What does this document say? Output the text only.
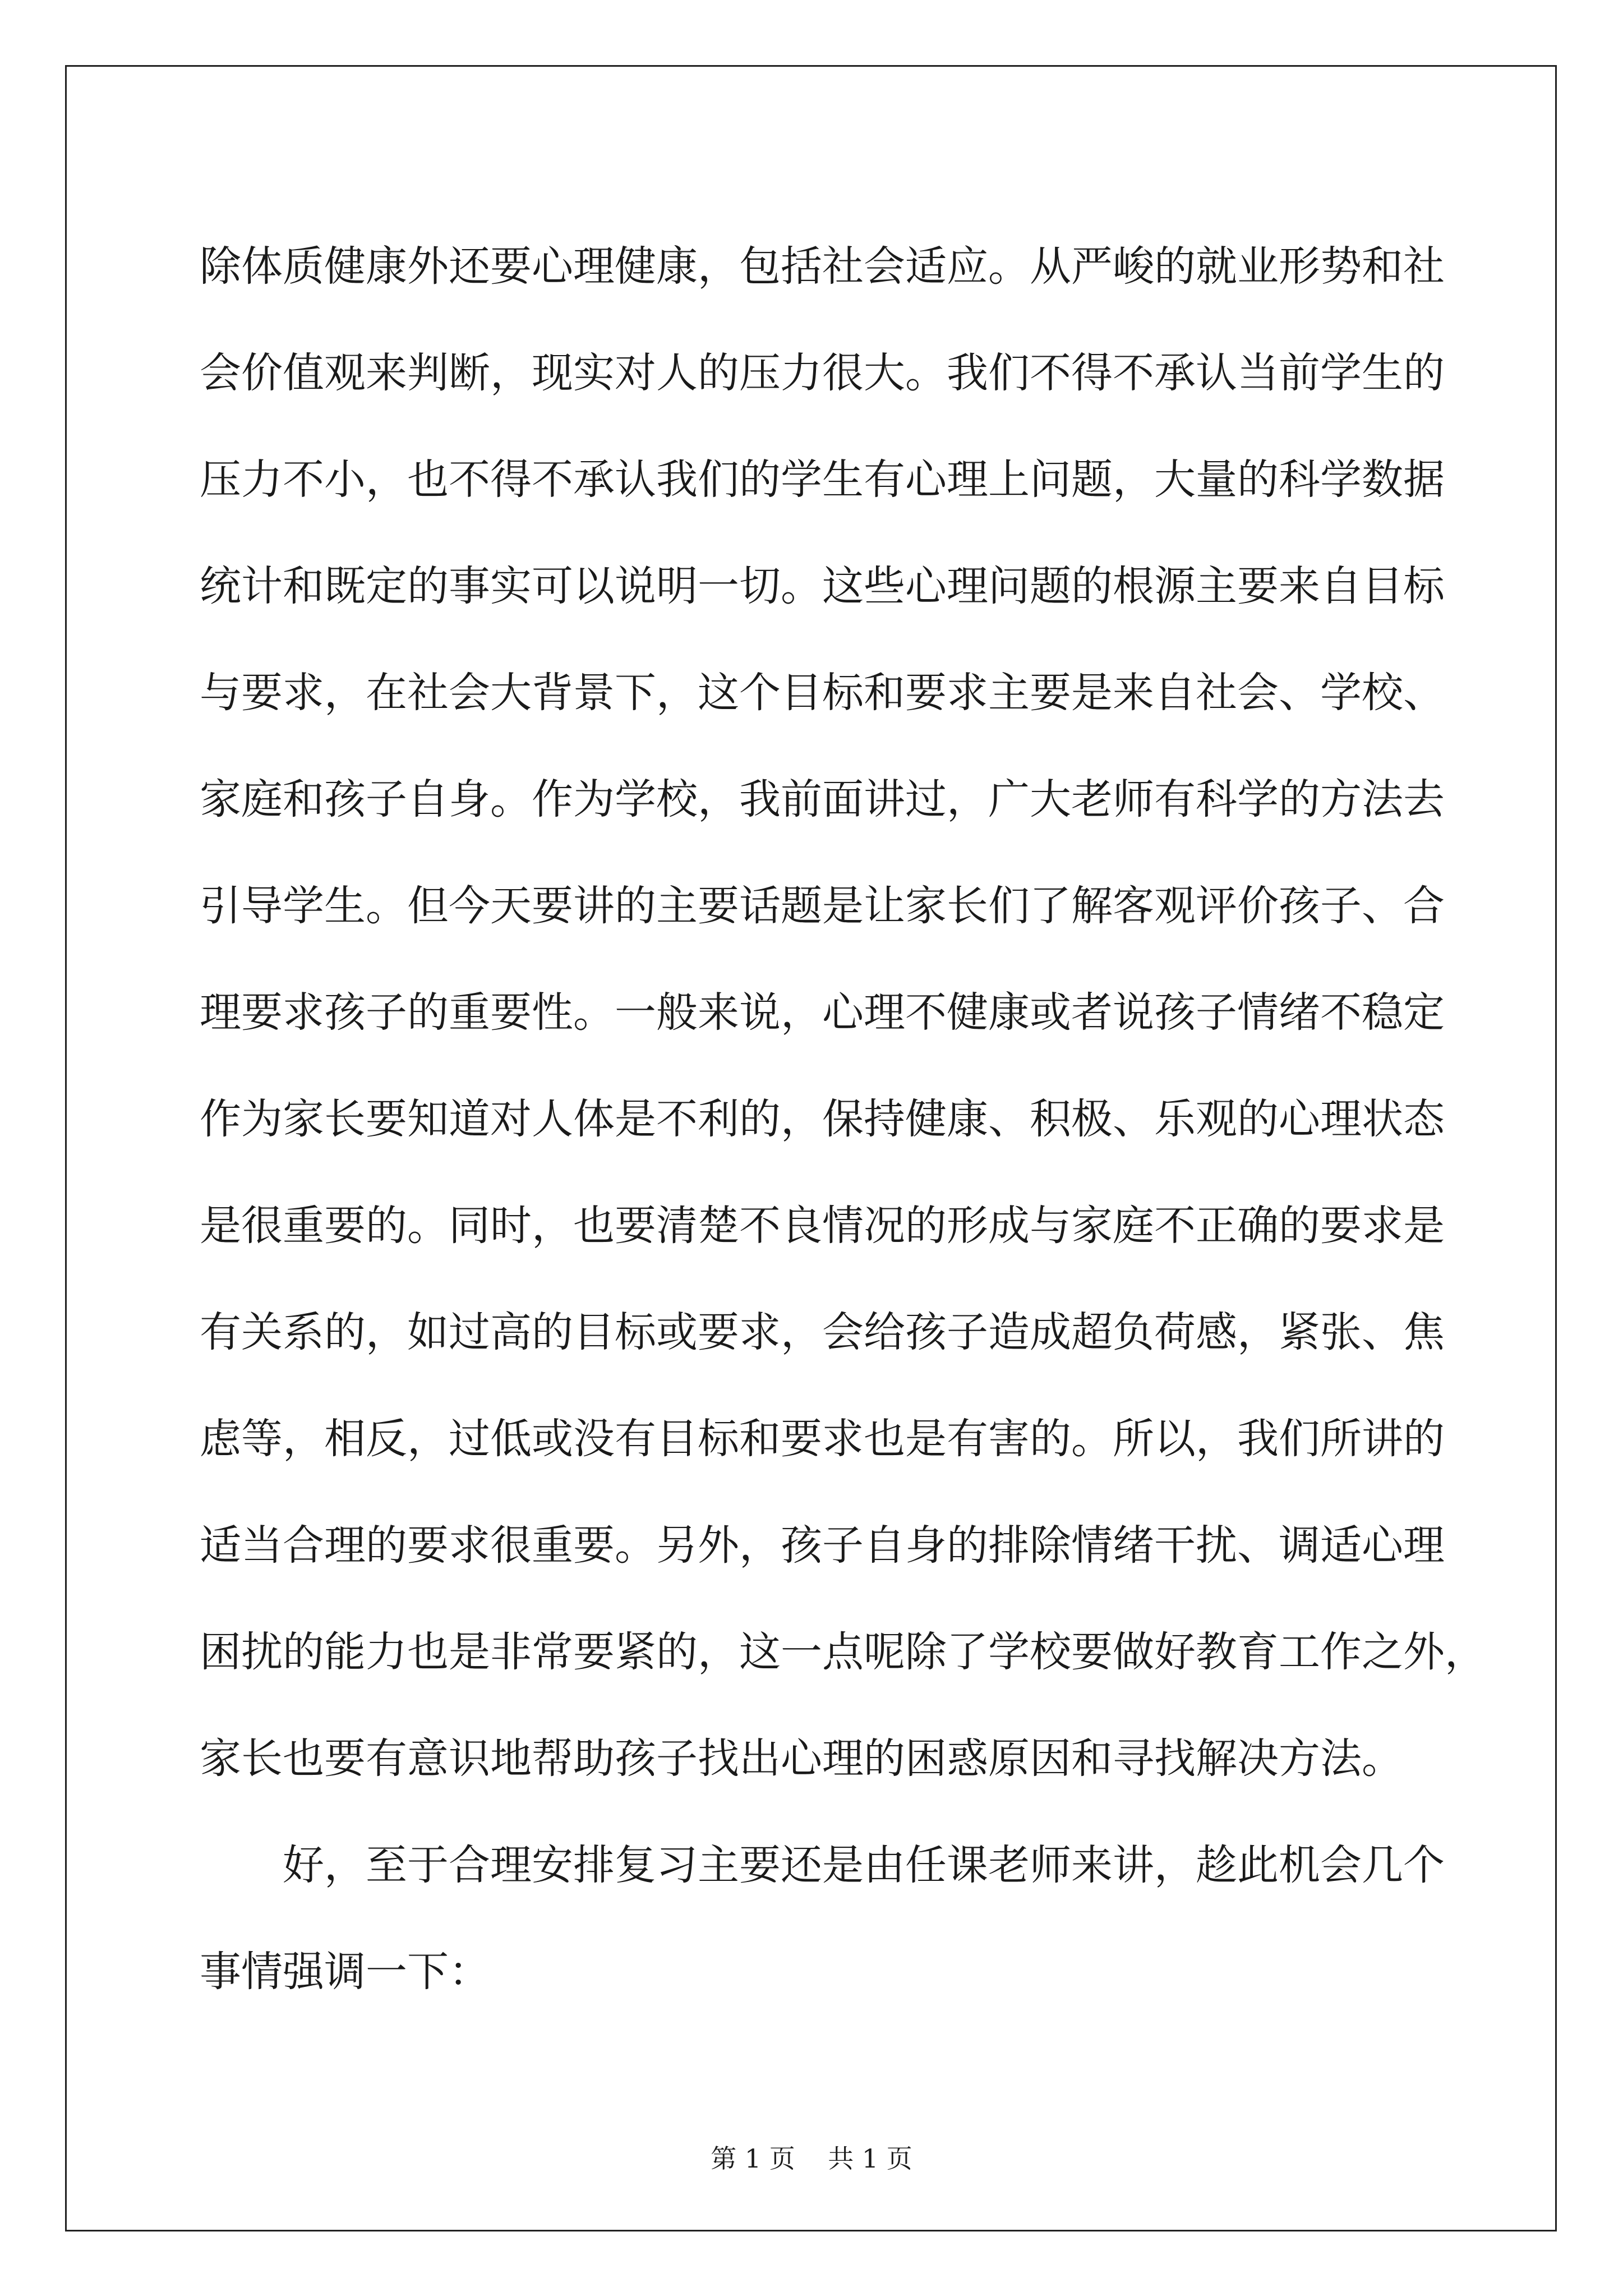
除体质健康外还要心理健康，包括社会适应。从严峻的就业形势和社
会价值观来判断，现实对人的压力很大。我们不得不承认当前学生的
压力不小，也不得不承认我们的学生有心理上问题，大量的科学数据
统计和既定的事实可以说明一切。这些心理问题的根源主要来自目标
与要求，在社会大背景下，这个目标和要求主要是来自社会、学校、
家庭和孩子自身。作为学校，我前面讲过，广大老师有科学的方法去
引导学生。但今天要讲的主要话题是让家长们了解客观评价孩子、合
理要求孩子的重要性。一般来说，心理不健康或者说孩子情绪不稳定
作为家长要知道对人体是不利的，保持健康、积极、乐观的心理状态
是很重要的。同时，也要清楚不良情况的形成与家庭不正确的要求是
有关系的，如过高的目标或要求，会给孩子造成超负荷感，紧张、焦
虑等，相反，过低或没有目标和要求也是有害的。所以，我们所讲的
适当合理的要求很重要。另外，孩子自身的排除情绪干扰、调适心理
困扰的能力也是非常要紧的，这一点呢除了学校要做好教育工作之外，
家长也要有意识地帮助孩子找出心理的困惑原因和寻找解决方法。
好，至于合理安排复习主要还是由任课老师来讲，趁此机会几个
事情强调一下：
第 1 页 共 1 页
